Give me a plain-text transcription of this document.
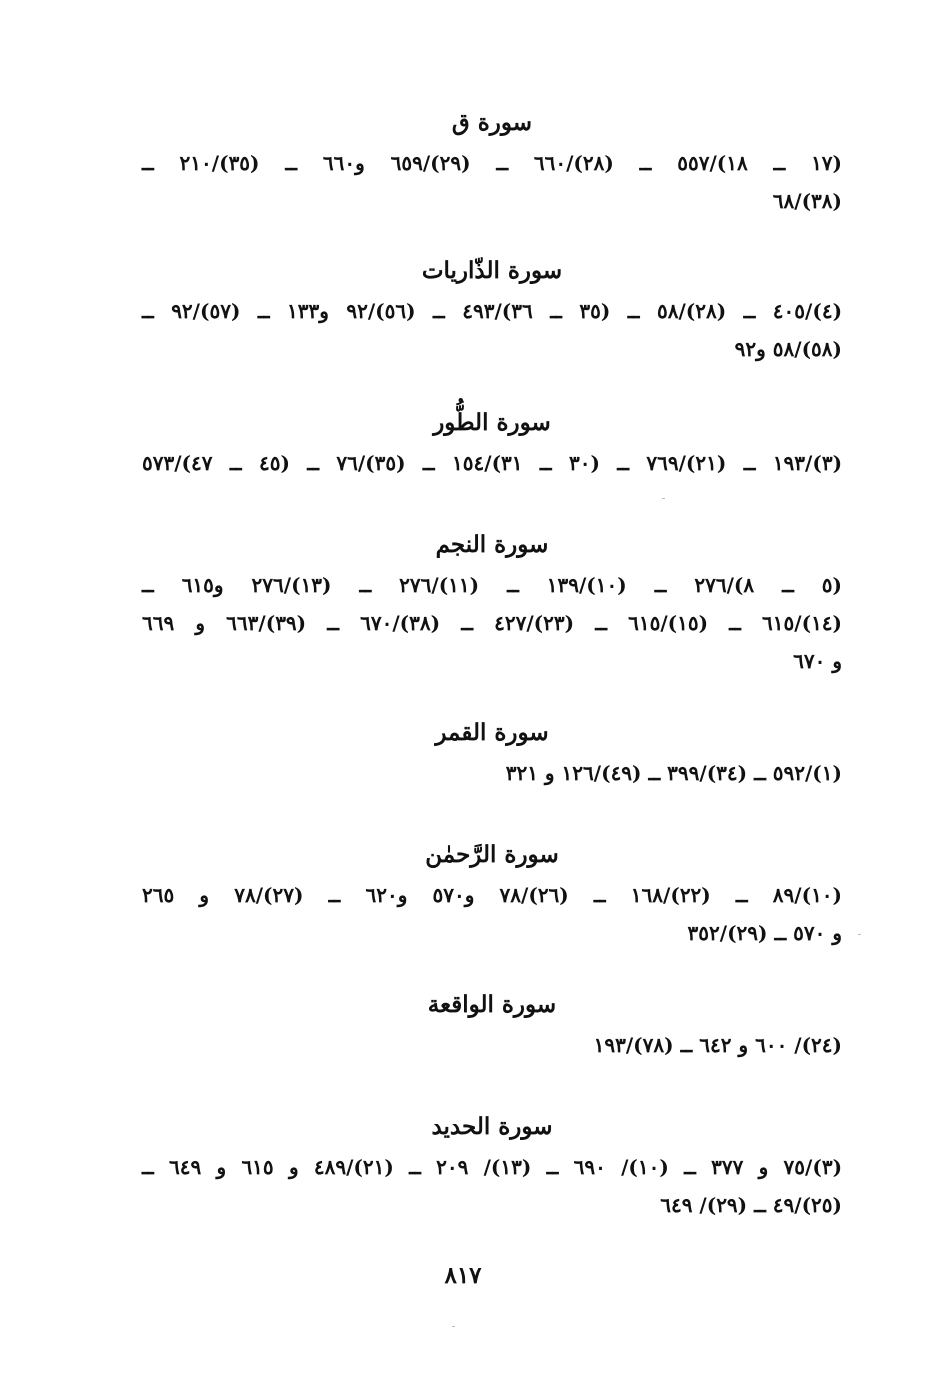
سورة ق
(١٧ ــ ١٨)/٥٥٧ ــ (٢٨)/٦٦٠ ــ (٢٩)/٦٥٩ و٦٦٠ ــ (٣٥)/٢١٠ ــ
(٣٨)/٦٨
سورة الذّاريات
(٤)/٤٠٥ ــ (٢٨)/٥٨ ــ (٣٥ ــ ٣٦)/٤٩٣ ــ (٥٦)/٩٢ و١٣٣ ــ (٥٧)/٩٢ ــ
(٥٨)/٥٨ و٩٢
سورة الطُّور
(٣)/١٩٣ ــ (٢١)/٧٦٩ ــ (٣٠ ــ ٣١)/١٥٤ ــ (٣٥)/٧٦ ــ (٤٥ ــ ٤٧)/٥٧٣
سورة النجم
(٥ ــ ٨)/٢٧٦ ــ (١٠)/١٣٩ ــ (١١)/٢٧٦ ــ (١٣)/٢٧٦ و٦١٥ ــ
(١٤)/٦١٥ ــ (١٥)/٦١٥ ــ (٢٣)/٤٢٧ ــ (٣٨)/٦٧٠ ــ (٣٩)/٦٦٣ و ٦٦٩
و ٦٧٠
سورة القمر
(١)/٥٩٢ ــ (٣٤)/٣٩٩ ــ (٤٩)/١٢٦ و ٣٢١
سورة الرَّحمٰن
(١٠)/٨٩ ــ (٢٢)/١٦٨ ــ (٢٦)/٧٨ و٥٧٠ و٦٢٠ ــ (٢٧)/٧٨ و ٢٦٥
و ٥٧٠ ــ (٢٩)/٣٥٢
سورة الواقعة
(٢٤)/ ٦٠٠ و ٦٤٢ ــ (٧٨)/١٩٣
سورة الحديد
(٣)/٧٥ و ٣٧٧ ــ (١٠)/ ٦٩٠ ــ (١٣)/ ٢٠٩ ــ (٢١)/٤٨٩ و ٦١٥ و ٦٤٩ ــ
(٢٥)/٤٩ ــ (٢٩)/ ٦٤٩
٨١٧
